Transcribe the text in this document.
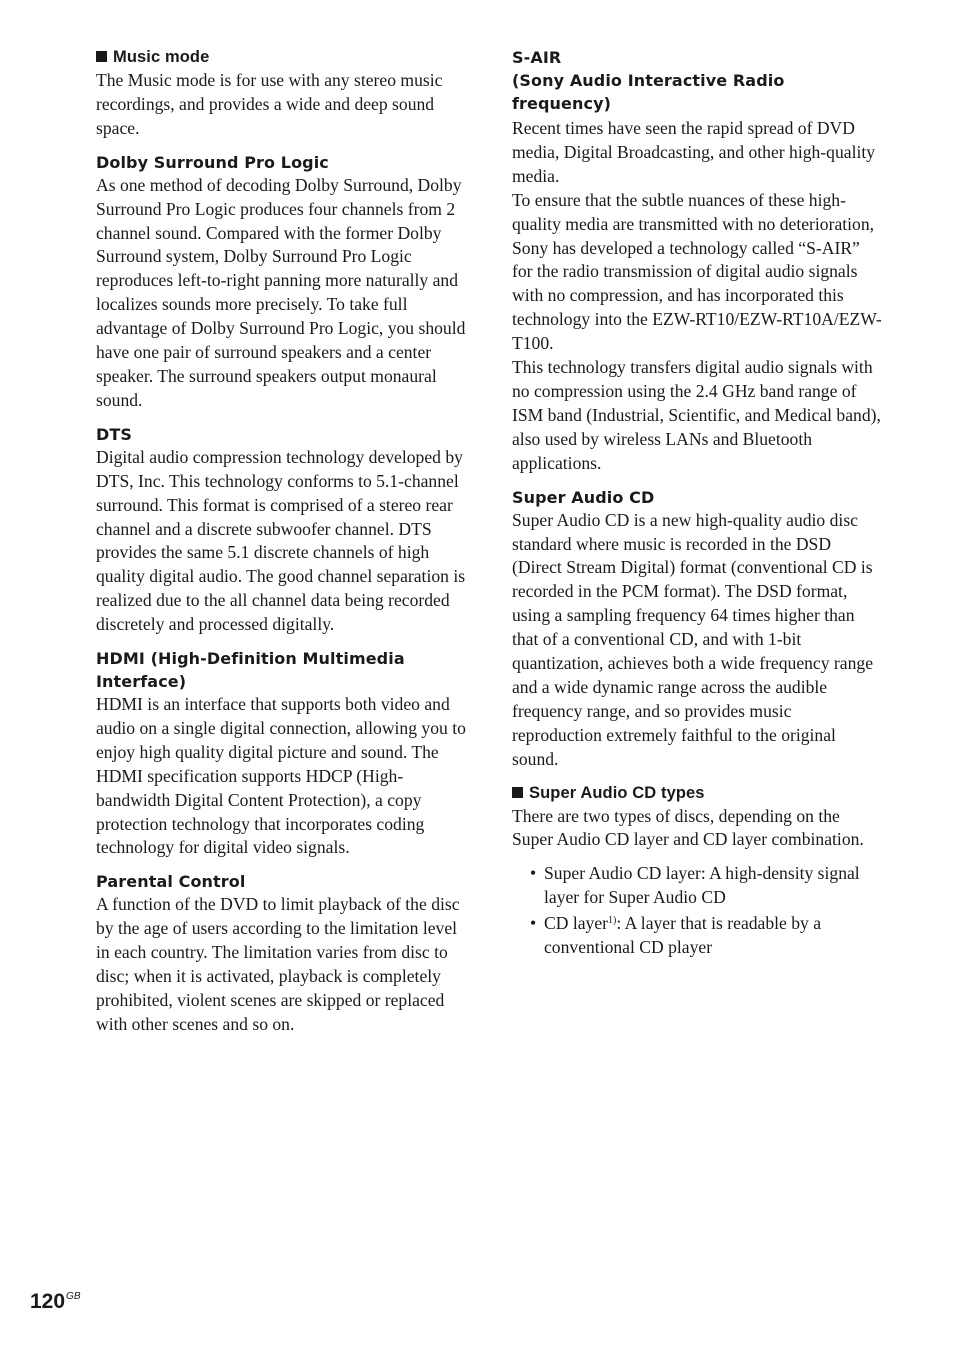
Music mode

The Music mode is for use with any stereo music recordings, and provides a wide and deep sound space.

Dolby Surround Pro Logic

As one method of decoding Dolby Surround, Dolby Surround Pro Logic produces four channels from 2 channel sound. Compared with the former Dolby Surround system, Dolby Surround Pro Logic reproduces left-to-right panning more naturally and localizes sounds more precisely. To take full advantage of Dolby Surround Pro Logic, you should have one pair of surround speakers and a center speaker. The surround speakers output monaural sound.

DTS

Digital audio compression technology developed by DTS, Inc. This technology conforms to 5.1-channel surround. This format is comprised of a stereo rear channel and a discrete subwoofer channel. DTS provides the same 5.1 discrete channels of high quality digital audio. The good channel separation is realized due to the all channel data being recorded discretely and processed digitally.

HDMI (High-Definition Multimedia Interface)

HDMI is an interface that supports both video and audio on a single digital connection, allowing you to enjoy high quality digital picture and sound. The HDMI specification supports HDCP (High-bandwidth Digital Content Protection), a copy protection technology that incorporates coding technology for digital video signals.

Parental Control

A function of the DVD to limit playback of the disc by the age of users according to the limitation level in each country. The limitation varies from disc to disc; when it is activated, playback is completely prohibited, violent scenes are skipped or replaced with other scenes and so on.

S-AIR
(Sony Audio Interactive Radio frequency)

Recent times have seen the rapid spread of DVD media, Digital Broadcasting, and other high-quality media.

To ensure that the subtle nuances of these high-quality media are transmitted with no deterioration, Sony has developed a technology called “S-AIR” for the radio transmission of digital audio signals with no compression, and has incorporated this technology into the EZW-RT10/EZW-RT10A/EZW-T100.

This technology transfers digital audio signals with no compression using the 2.4 GHz band range of ISM band (Industrial, Scientific, and Medical band), also used by wireless LANs and Bluetooth applications.

Super Audio CD

Super Audio CD is a new high-quality audio disc standard where music is recorded in the DSD (Direct Stream Digital) format (conventional CD is recorded in the PCM format). The DSD format, using a sampling frequency 64 times higher than that of a conventional CD, and with 1-bit quantization, achieves both a wide frequency range and a wide dynamic range across the audible frequency range, and so provides music reproduction extremely faithful to the original sound.

Super Audio CD types

There are two types of discs, depending on the Super Audio CD layer and CD layer combination.

• Super Audio CD layer: A high-density signal layer for Super Audio CD
• CD layer$^{1)}$: A layer that is readable by a conventional CD player
$120^{GB}$
